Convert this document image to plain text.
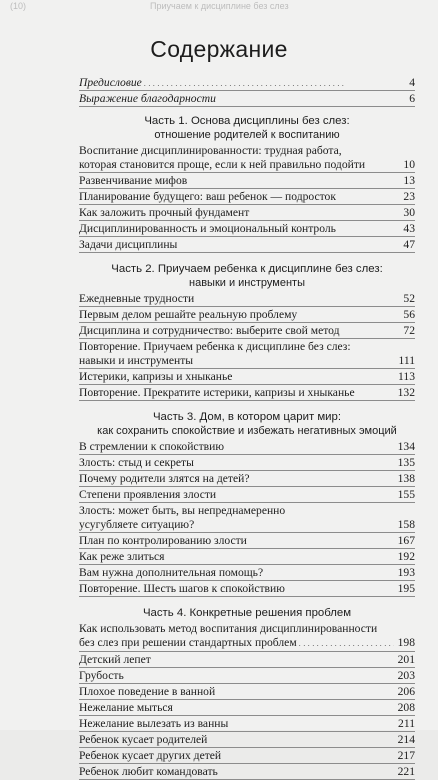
(10)	Приучаем к дисциплине без слез
Содержание
Предисловие . . .	4
Выражение благодарности	6
Часть 1. Основа дисциплины без слез:
отношение родителей к воспитанию
Воспитание дисциплинированности: трудная работа,
которая становится проще, если к ней правильно подойти	10
Развенчивание мифов	13
Планирование будущего: ваш ребенок — подросток	23
Как заложить прочный фундамент	30
Дисциплинированность и эмоциональный контроль	43
Задачи дисциплины	47
Часть 2. Приучаем ребенка к дисциплине без слез:
навыки и инструменты
Ежедневные трудности	52
Первым делом решайте реальную проблему	56
Дисциплина и сотрудничество: выберите свой метод	72
Повторение. Приучаем ребенка к дисциплине без слез:
навыки и инструменты	111
Истерики, капризы и хныканье	113
Повторение. Прекратите истерики, капризы и хныканье	132
Часть 3. Дом, в котором царит мир:
как сохранить спокойствие и избежать негативных эмоций
В стремлении к спокойствию	134
Злость: стыд и секреты	135
Почему родители злятся на детей?	138
Степени проявления злости	155
Злость: может быть, вы непреднамеренно
усугубляете ситуацию?	158
План по контролированию злости	167
Как реже злиться	192
Вам нужна дополнительная помощь?	193
Повторение. Шесть шагов к спокойствию	195
Часть 4. Конкретные решения проблем
Как использовать метод воспитания дисциплинированности
без слез при решении стандартных проблем . . .	198
Детский лепет	201
Грубость	203
Плохое поведение в ванной	206
Нежелание мыться	208
Нежелание вылезать из ванны	211
Ребенок кусает родителей	214
Ребенок кусает других детей	217
Ребенок любит командовать	221
